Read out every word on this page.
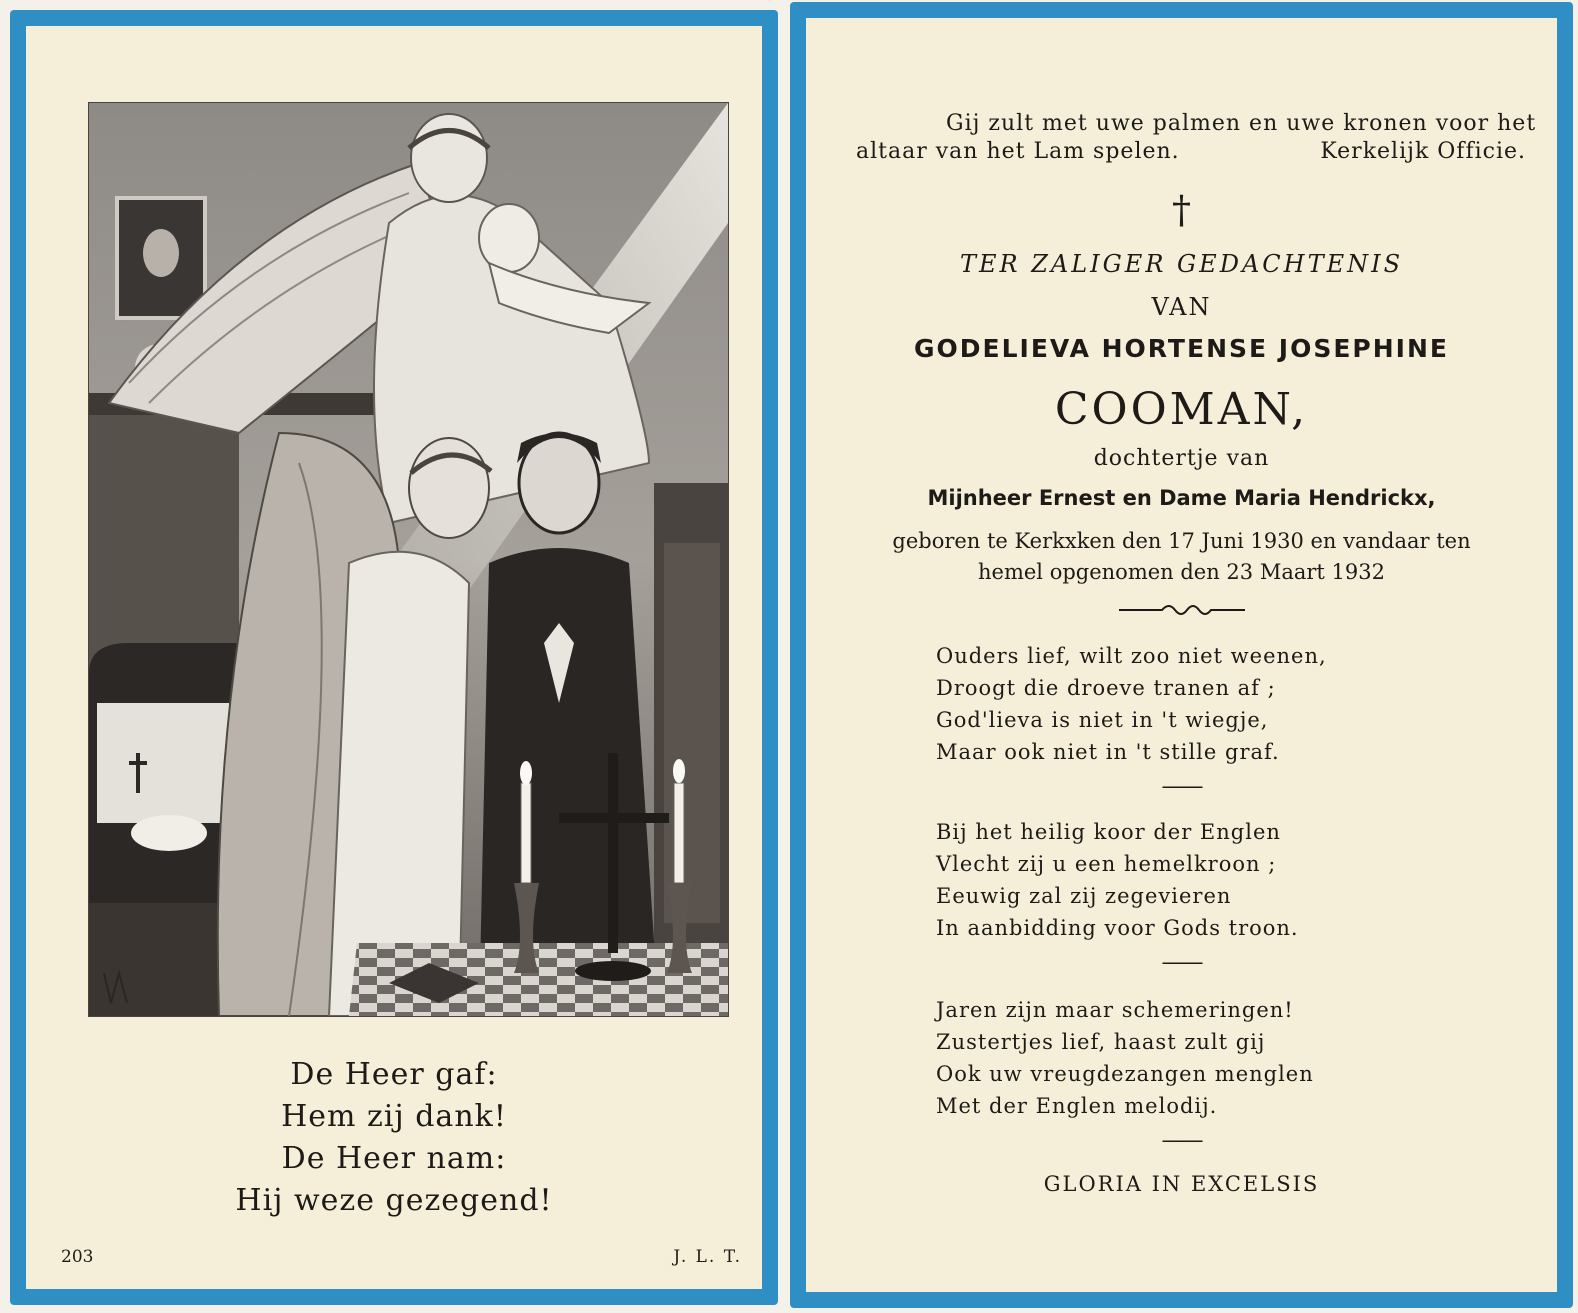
De Heer gaf:
Hem zij dank!
De Heer nam:
Hij weze gezegend!
203	J. L. T.
Gij zult met uwe palmen en uwe kronen voor het
altaar van het Lam spelen.	Kerkelijk Officie.
†
TER ZALIGER GEDACHTENIS
VAN
GODELIEVA HORTENSE JOSEPHINE
COOMAN,
dochtertje van
Mijnheer Ernest en Dame Maria Hendrickx,
geboren te Kerkxken den 17 Juni 1930 en vandaar ten
hemel opgenomen den 23 Maart 1932
Ouders lief, wilt zoo niet weenen,
Droogt die droeve tranen af ;
God'lieva is niet in 't wiegje,
Maar ook niet in 't stille graf.
——
Bij het heilig koor der Englen
Vlecht zij u een hemelkroon ;
Eeuwig zal zij zegevieren
In aanbidding voor Gods troon.
——
Jaren zijn maar schemeringen!
Zustertjes lief, haast zult gij
Ook uw vreugdezangen menglen
Met der Englen melodij.
——
GLORIA IN EXCELSIS
